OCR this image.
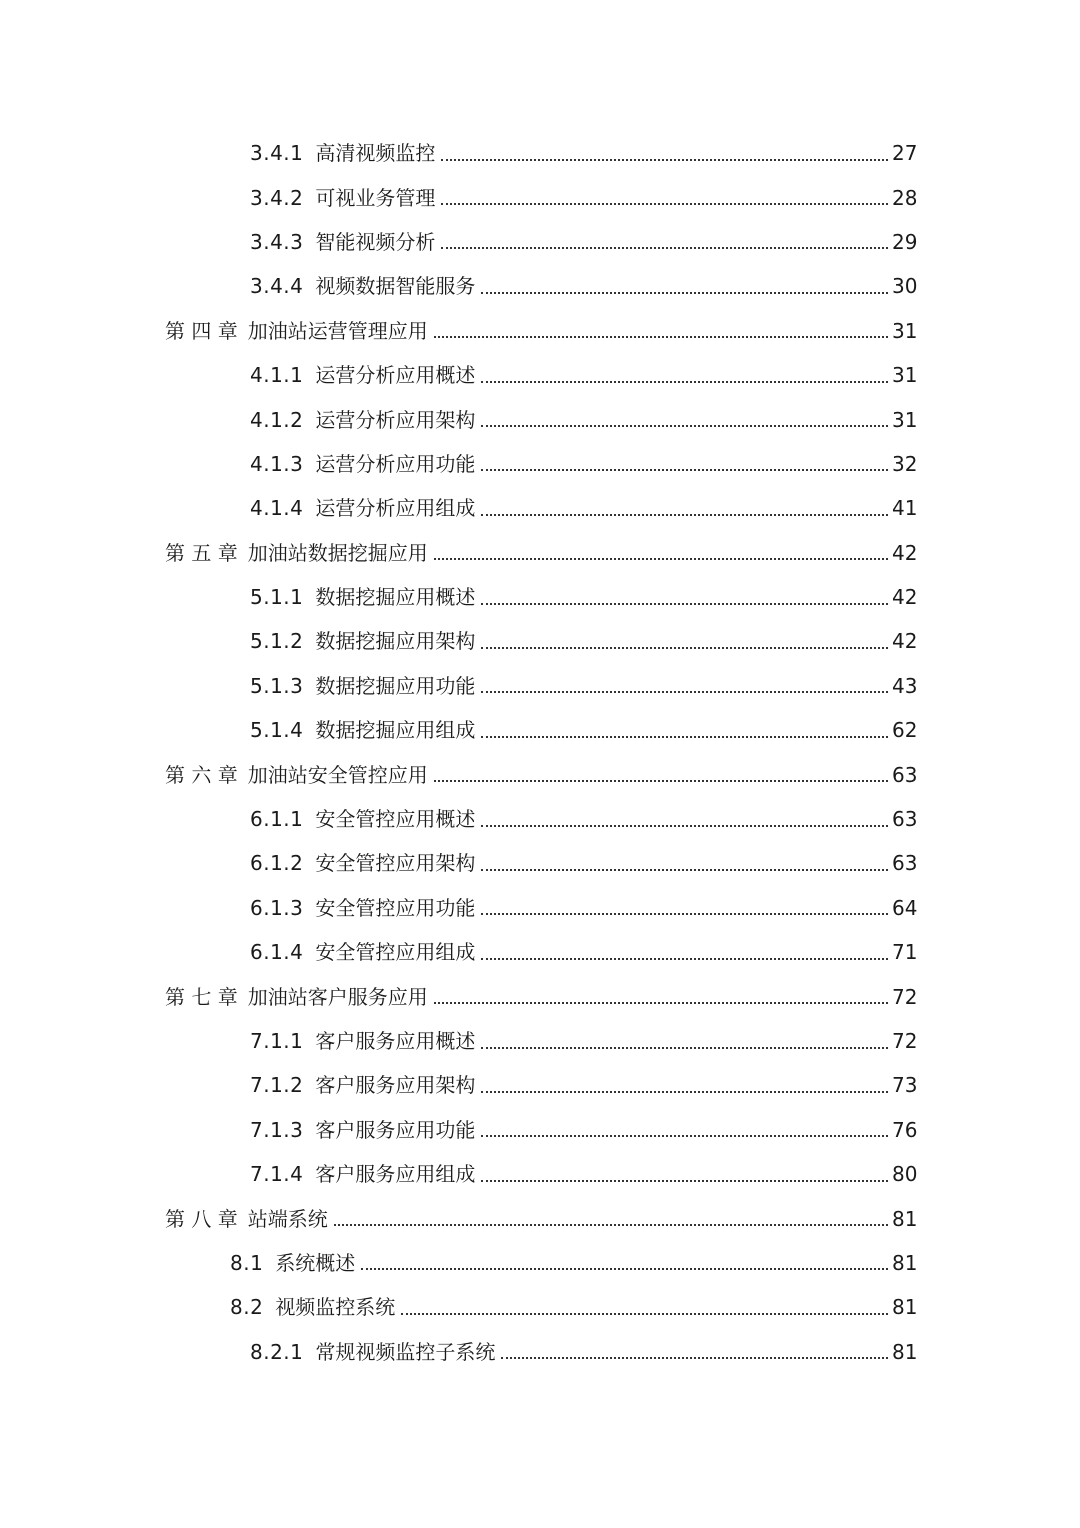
3.4.1 高清视频监控	27
3.4.2 可视业务管理	28
3.4.3 智能视频分析	29
3.4.4 视频数据智能服务	30
第 四 章 加油站运营管理应用	31
4.1.1 运营分析应用概述	31
4.1.2 运营分析应用架构	31
4.1.3 运营分析应用功能	32
4.1.4 运营分析应用组成	41
第 五 章 加油站数据挖掘应用	42
5.1.1 数据挖掘应用概述	42
5.1.2 数据挖掘应用架构	42
5.1.3 数据挖掘应用功能	43
5.1.4 数据挖掘应用组成	62
第 六 章 加油站安全管控应用	63
6.1.1 安全管控应用概述	63
6.1.2 安全管控应用架构	63
6.1.3 安全管控应用功能	64
6.1.4 安全管控应用组成	71
第 七 章 加油站客户服务应用	72
7.1.1 客户服务应用概述	72
7.1.2 客户服务应用架构	73
7.1.3 客户服务应用功能	76
7.1.4 客户服务应用组成	80
第 八 章 站端系统	81
8.1 系统概述	81
8.2 视频监控系统	81
8.2.1 常规视频监控子系统	81
